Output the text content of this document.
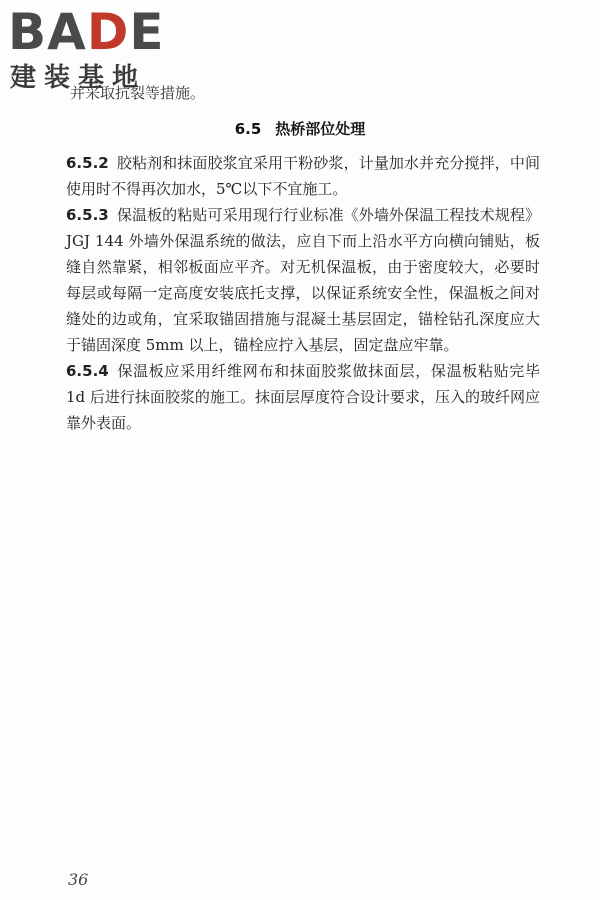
BADE
建装基地
并采取抗裂等措施。
6.5 热桥部位处理

6.5.2 胶粘剂和抹面胶浆宜采用干粉砂浆，计量加水并充分搅拌，中间使用时不得再次加水，5℃以下不宜施工。

6.5.3 保温板的粘贴可采用现行行业标准《外墙外保温工程技术规程》JGJ 144 外墙外保温系统的做法，应自下而上沿水平方向横向铺贴，板缝自然靠紧，相邻板面应平齐。对无机保温板，由于密度较大，必要时每层或每隔一定高度安装底托支撑，以保证系统安全性，保温板之间对缝处的边或角，宜采取锚固措施与混凝土基层固定，锚栓钻孔深度应大于锚固深度 5mm 以上，锚栓应拧入基层，固定盘应牢靠。

6.5.4 保温板应采用纤维网布和抹面胶浆做抹面层，保温板粘贴完毕 1d 后进行抹面胶浆的施工。抹面层厚度符合设计要求，压入的玻纤网应靠外表面。

36
